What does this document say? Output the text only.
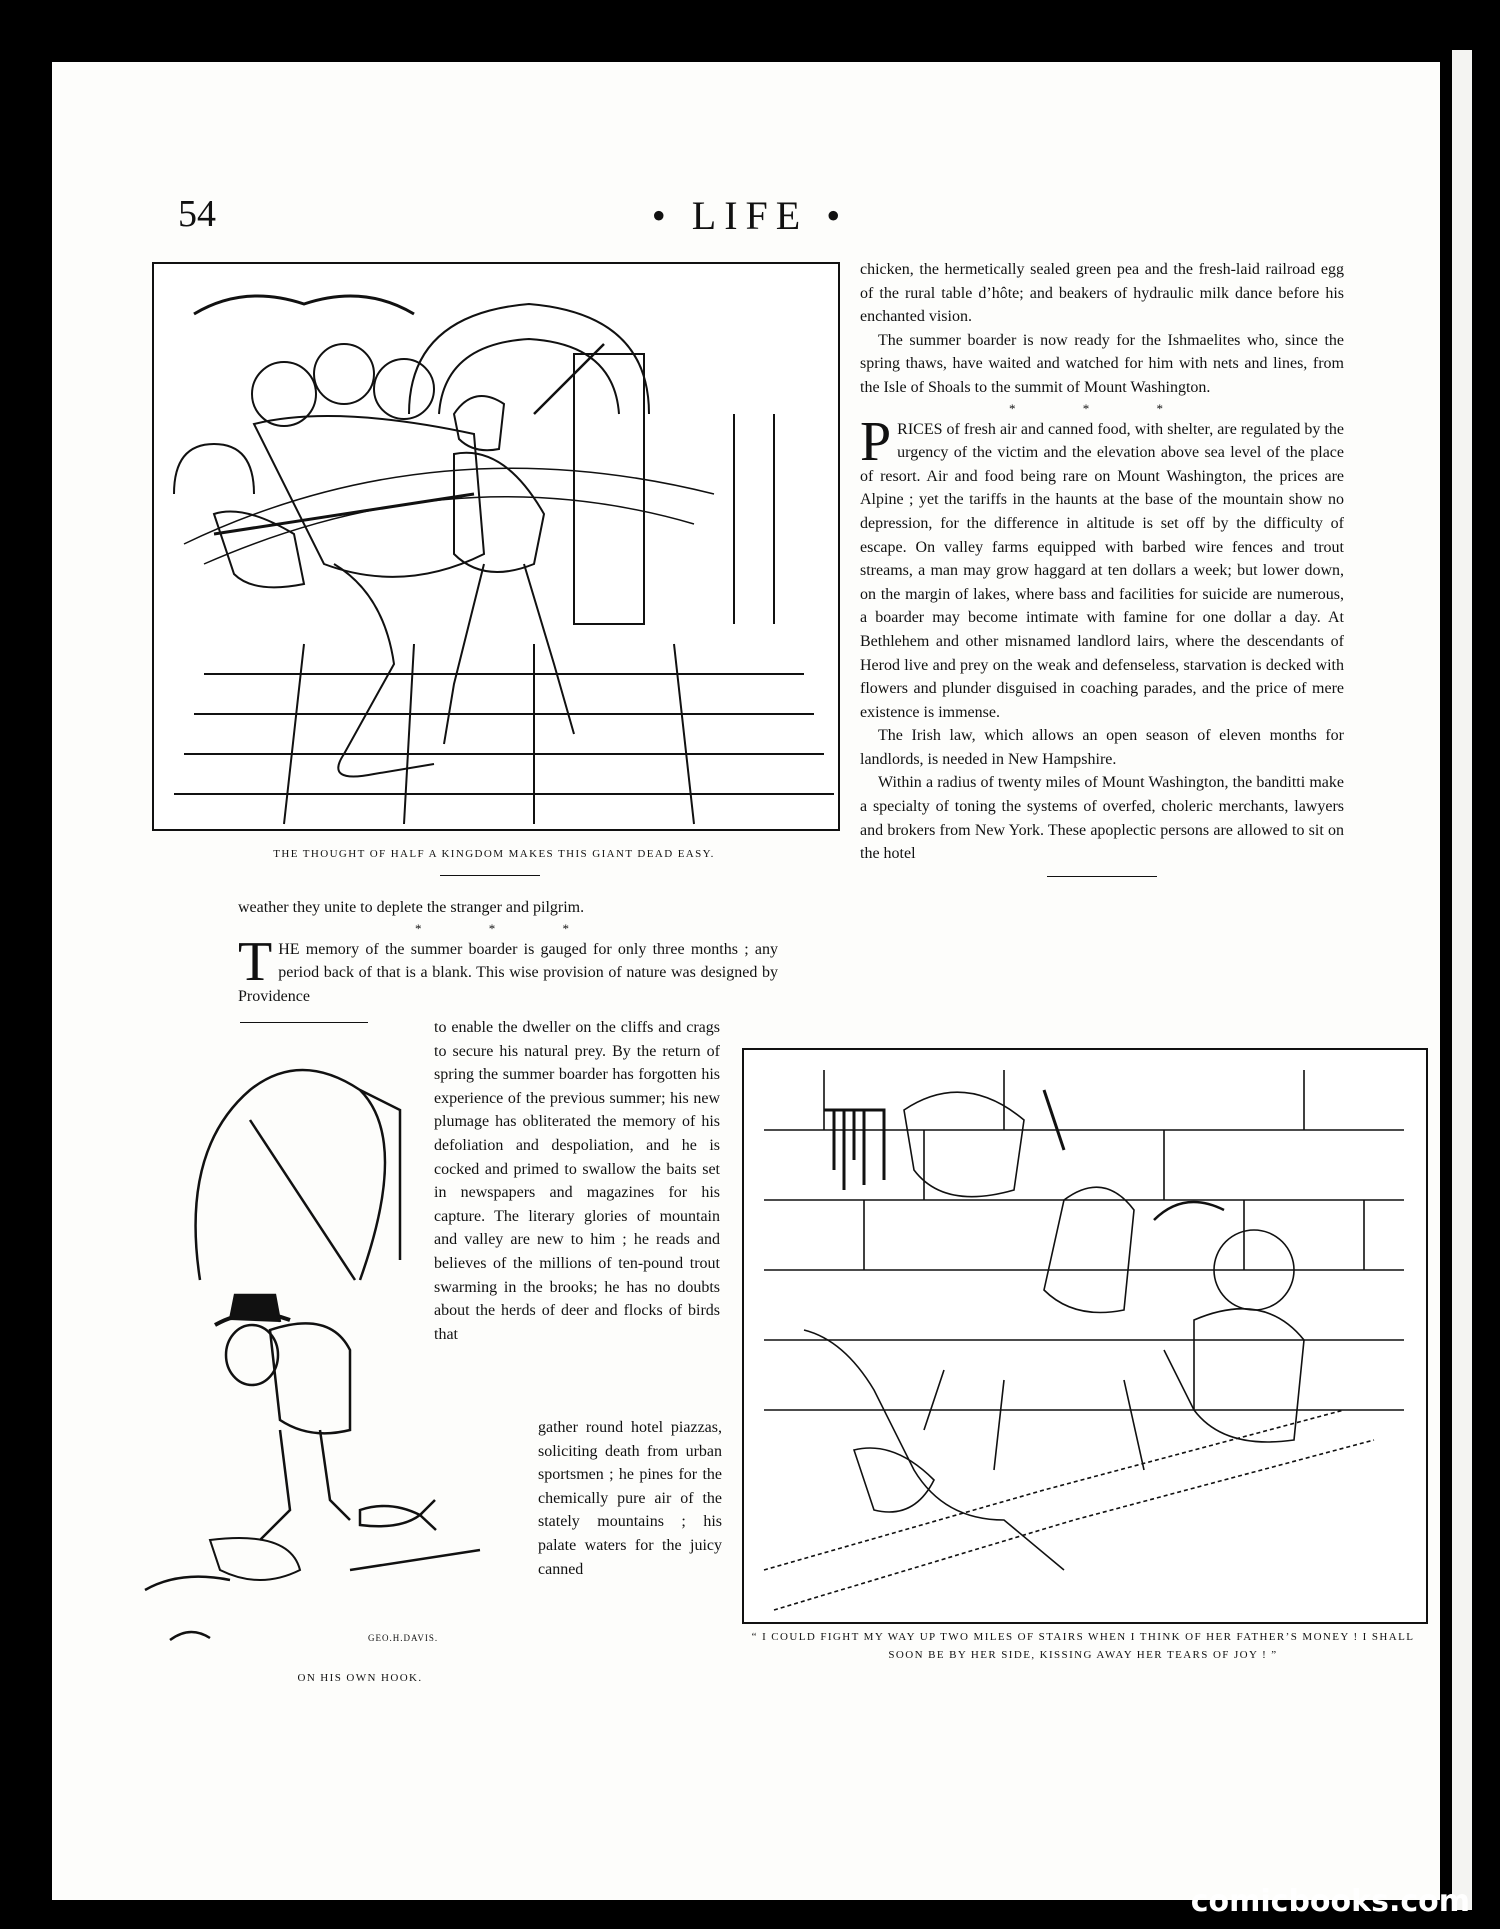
54	• LIFE •
THE THOUGHT OF HALF A KINGDOM MAKES THIS GIANT DEAD EASY.

chicken, the hermetically sealed green pea and the fresh-laid railroad egg of the rural table d’hôte; and beakers of hydraulic milk dance before his enchanted vision.

The summer boarder is now ready for the Ishmaelites who, since the spring thaws, have waited and watched for him with nets and lines, from the Isle of Shoals to the summit of Mount Washington.

* * *

PRICES of fresh air and canned food, with shelter, are regulated by the urgency of the victim and the elevation above sea level of the place of resort. Air and food being rare on Mount Washington, the prices are Alpine ; yet the tariffs in the haunts at the base of the mountain show no depression, for the difference in altitude is set off by the difficulty of escape. On valley farms equipped with barbed wire fences and trout streams, a man may grow haggard at ten dollars a week; but lower down, on the margin of lakes, where bass and facilities for suicide are numerous, a boarder may become intimate with famine for one dollar a day. At Bethlehem and other misnamed landlord lairs, where the descendants of Herod live and prey on the weak and defenseless, starvation is decked with flowers and plunder disguised in coaching parades, and the price of mere existence is immense.

The Irish law, which allows an open season of eleven months for landlords, is needed in New Hampshire.

Within a radius of twenty miles of Mount Washington, the banditti make a specialty of toning the systems of overfed, choleric merchants, lawyers and brokers from New York. These apoplectic persons are allowed to sit on the hotel

weather they unite to deplete the stranger and pilgrim.

* * *

THE memory of the summer boarder is gauged for only three months ; any period back of that is a blank. This wise provision of nature was designed by Providence

to enable the dweller on the cliffs and crags to secure his natural prey. By the return of spring the summer boarder has forgotten his experience of the previous summer; his new plumage has obliterated the memory of his defoliation and despoliation, and he is cocked and primed to swallow the baits set in newspapers and magazines for his capture. The literary glories of mountain and valley are new to him ; he reads and believes of the millions of ten-pound trout swarming in the brooks; he has no doubts about the herds of deer and flocks of birds that

gather round hotel piazzas, soliciting death from urban sportsmen ; he pines for the chemically pure air of the stately mountains ; his palate waters for the juicy canned

GEO.H.DAVIS.
ON HIS OWN HOOK.
“ I COULD FIGHT MY WAY UP TWO MILES OF STAIRS WHEN I THINK OF HER FATHER’S MONEY ! I SHALL SOON BE BY HER SIDE, KISSING AWAY HER TEARS OF JOY ! ”
comicbooks.com
